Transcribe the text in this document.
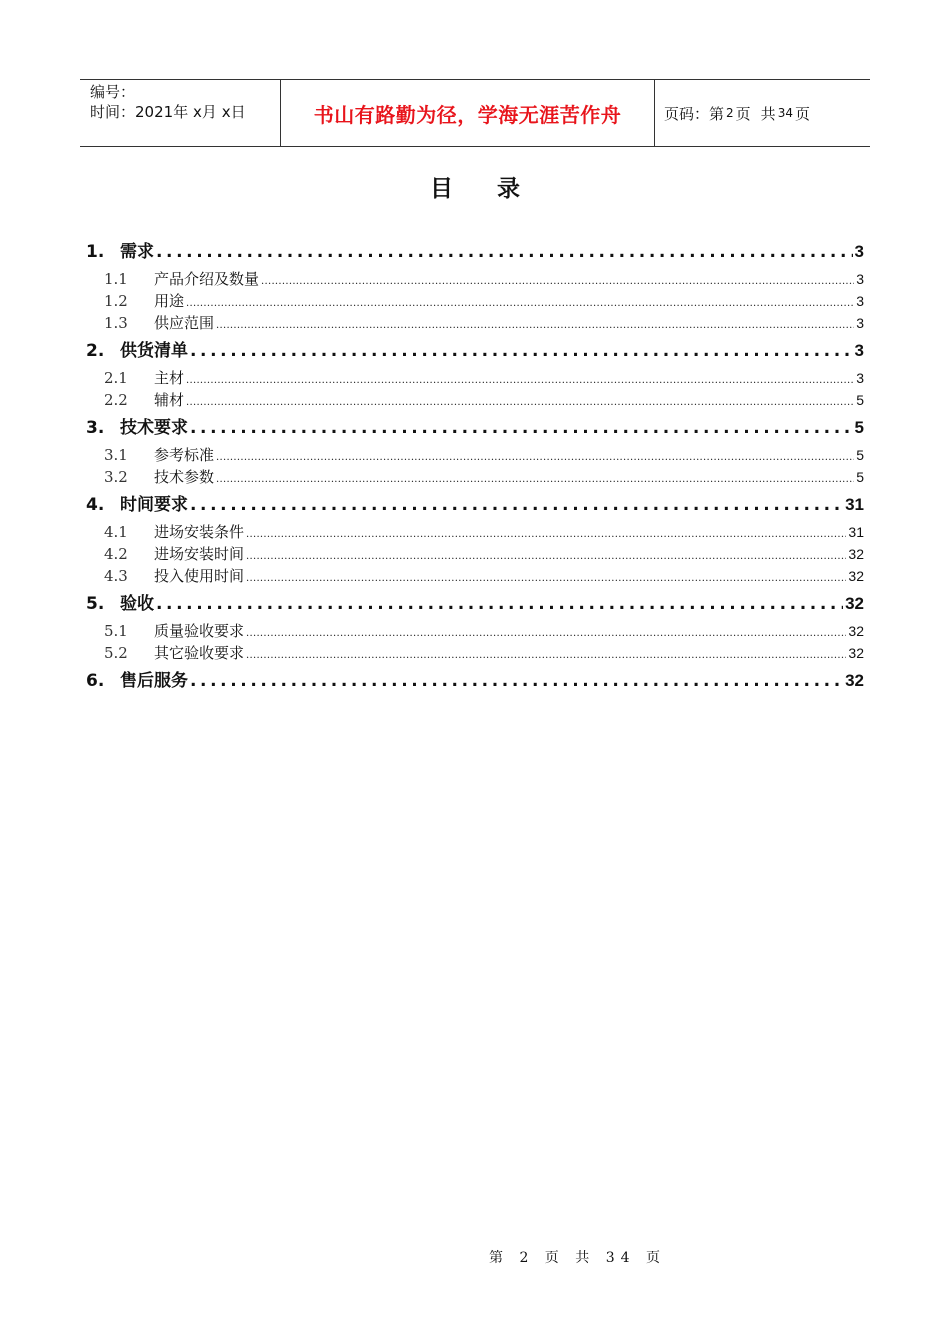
编号：
时间：2021年 x月 x日	书山有路勤为径，学海无涯苦作舟	页码：第 2 页 共 34 页
目录
1. 需求 .....	3
1.1	产品介绍及数量 .....	3
1.2	用途 .....	3
1.3	供应范围 .....	3
2. 供货清单 .....	3
2.1	主材 .....	3
2.2	辅材 .....	5
3. 技术要求 .....	5
3.1	参考标准 .....	5
3.2	技术参数 .....	5
4. 时间要求 .....	31
4.1	进场安装条件 .....	31
4.2	进场安装时间 .....	32
4.3	投入使用时间 .....	32
5. 验收 .....	32
5.1	质量验收要求 .....	32
5.2	其它验收要求 .....	32
6. 售后服务 .....	32
第 2 页 共 34 页
